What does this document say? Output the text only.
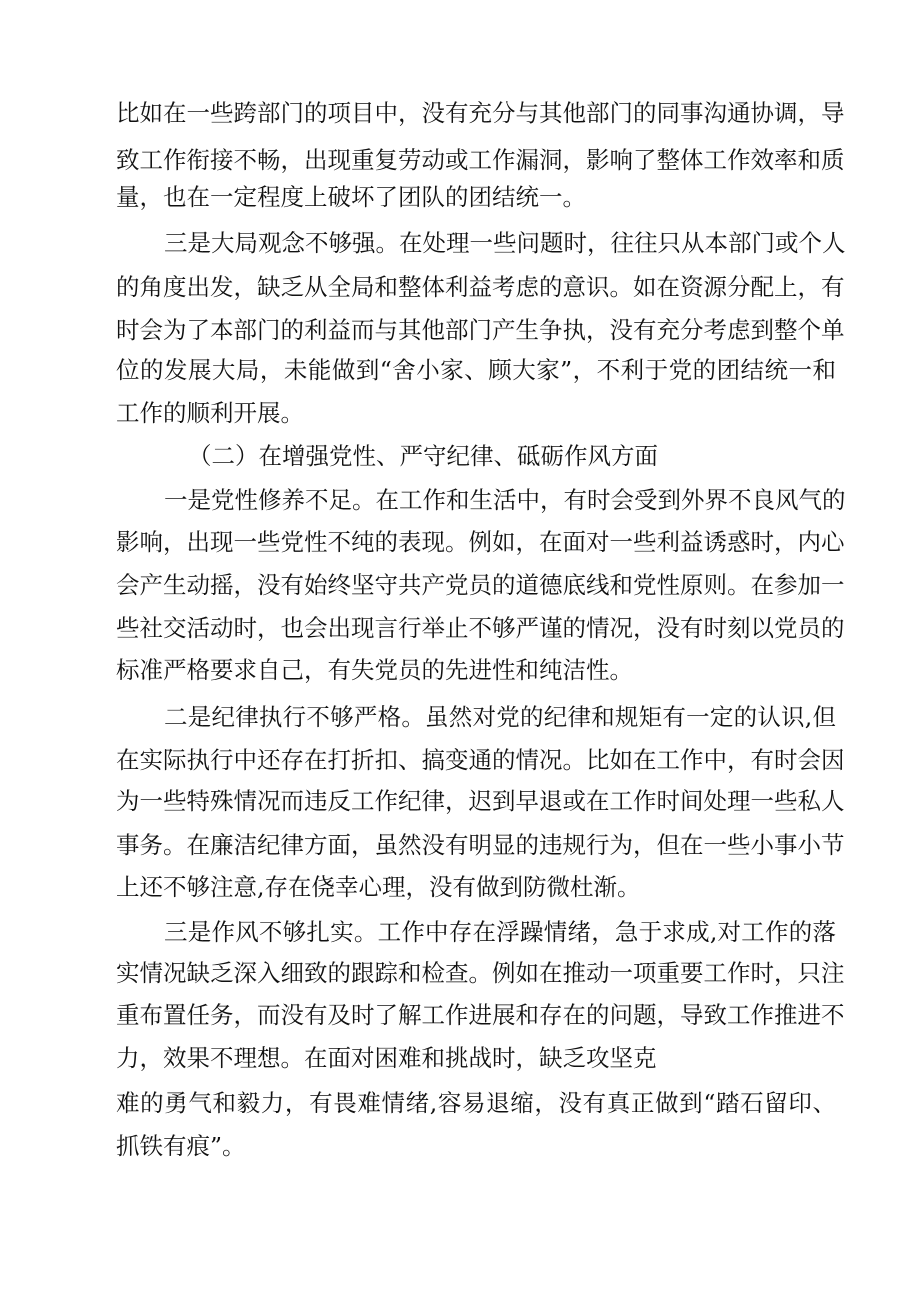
比如在一些跨部门的项目中，没有充分与其他部门的同事沟通协调，导
致工作衔接不畅，出现重复劳动或工作漏洞，影响了整体工作效率和质
量，也在一定程度上破坏了团队的团结统一。
三是大局观念不够强。在处理一些问题时，往往只从本部门或个人
的角度出发，缺乏从全局和整体利益考虑的意识。如在资源分配上，有
时会为了本部门的利益而与其他部门产生争执，没有充分考虑到整个单
位的发展大局，未能做到“舍小家、顾大家”，不利于党的团结统一和
工作的顺利开展。
（二）在增强党性、严守纪律、砥砺作风方面
一是党性修养不足。在工作和生活中，有时会受到外界不良风气的
影响，出现一些党性不纯的表现。例如，在面对一些利益诱惑时，内心
会产生动摇，没有始终坚守共产党员的道德底线和党性原则。在参加一
些社交活动时，也会出现言行举止不够严谨的情况，没有时刻以党员的
标准严格要求自己，有失党员的先进性和纯洁性。
二是纪律执行不够严格。虽然对党的纪律和规矩有一定的认识,但
在实际执行中还存在打折扣、搞变通的情况。比如在工作中，有时会因
为一些特殊情况而违反工作纪律，迟到早退或在工作时间处理一些私人
事务。在廉洁纪律方面，虽然没有明显的违规行为，但在一些小事小节
上还不够注意,存在侥幸心理，没有做到防微杜渐。
三是作风不够扎实。工作中存在浮躁情绪，急于求成,对工作的落
实情况缺乏深入细致的跟踪和检查。例如在推动一项重要工作时，只注
重布置任务，而没有及时了解工作进展和存在的问题，导致工作推进不
力，效果不理想。在面对困难和挑战时，缺乏攻坚克
难的勇气和毅力，有畏难情绪,容易退缩，没有真正做到“踏石留印、
抓铁有痕”。
